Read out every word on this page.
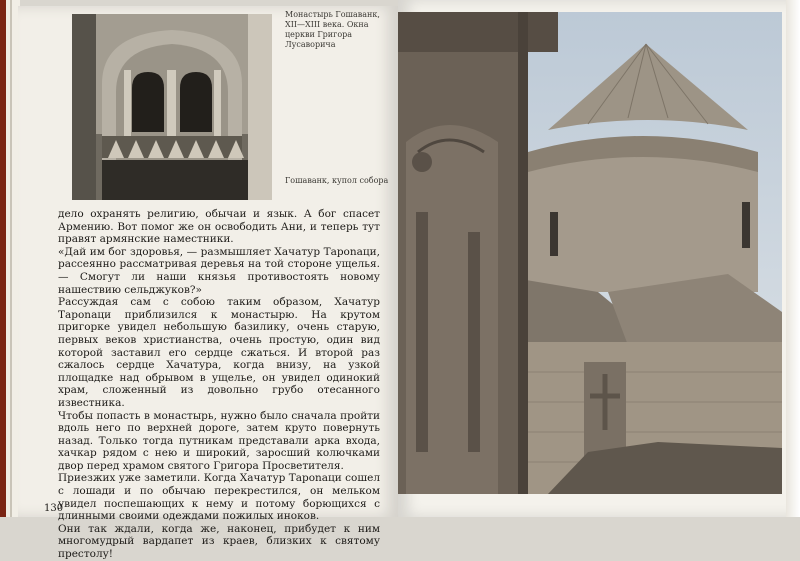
Монастырь Гошаванк, XII—XIII века. Окна церкви Григора Лусаворича
Гошаванк, купол собора

дело охранять религию, обычаи и язык. А бог спасет Армению. Вот помог же он освободить Ани, и теперь тут правят армянские наместники.

«Дай им бог здоровья, — размышляет Хачатур Тароnaци, рассеянно рассматривая деревья на той стороне ущелья. — Смогут ли наши князья противостоять новому нашествию сельджуков?»

Рассуждая сам с собою таким образом, Хачатур Тароnaци приблизился к монастырю. На крутом пригорке увидел небольшую базилику, очень старую, первых веков христианства, очень простую, один вид которой заставил его сердце сжаться. И второй раз сжалось сердце Хачатура, когда внизу, на узкой площадке над обрывом в ущелье, он увидел одинокий храм, сложенный из довольно грубо отесанного известника.

Чтобы попасть в монастырь, нужно было сначала пройти вдоль него по верхней дороге, затем круто повернуть назад. Только тогда путникам представали арка входа, хачкар рядом с нею и широкий, заросший колючками двор перед храмом святого Григора Просветителя.

Приезжих уже заметили. Когда Хачатур Тароnaци сошел с лошади и по обычаю перекрестился, он мельком увидел поспешающих к нему и потому борющихся с длинными своими одеждами пожилых иноков.

Они так ждали, когда же, наконец, прибудет к ним многомудрый вардапет из краев, близких к святому престолу!

130
